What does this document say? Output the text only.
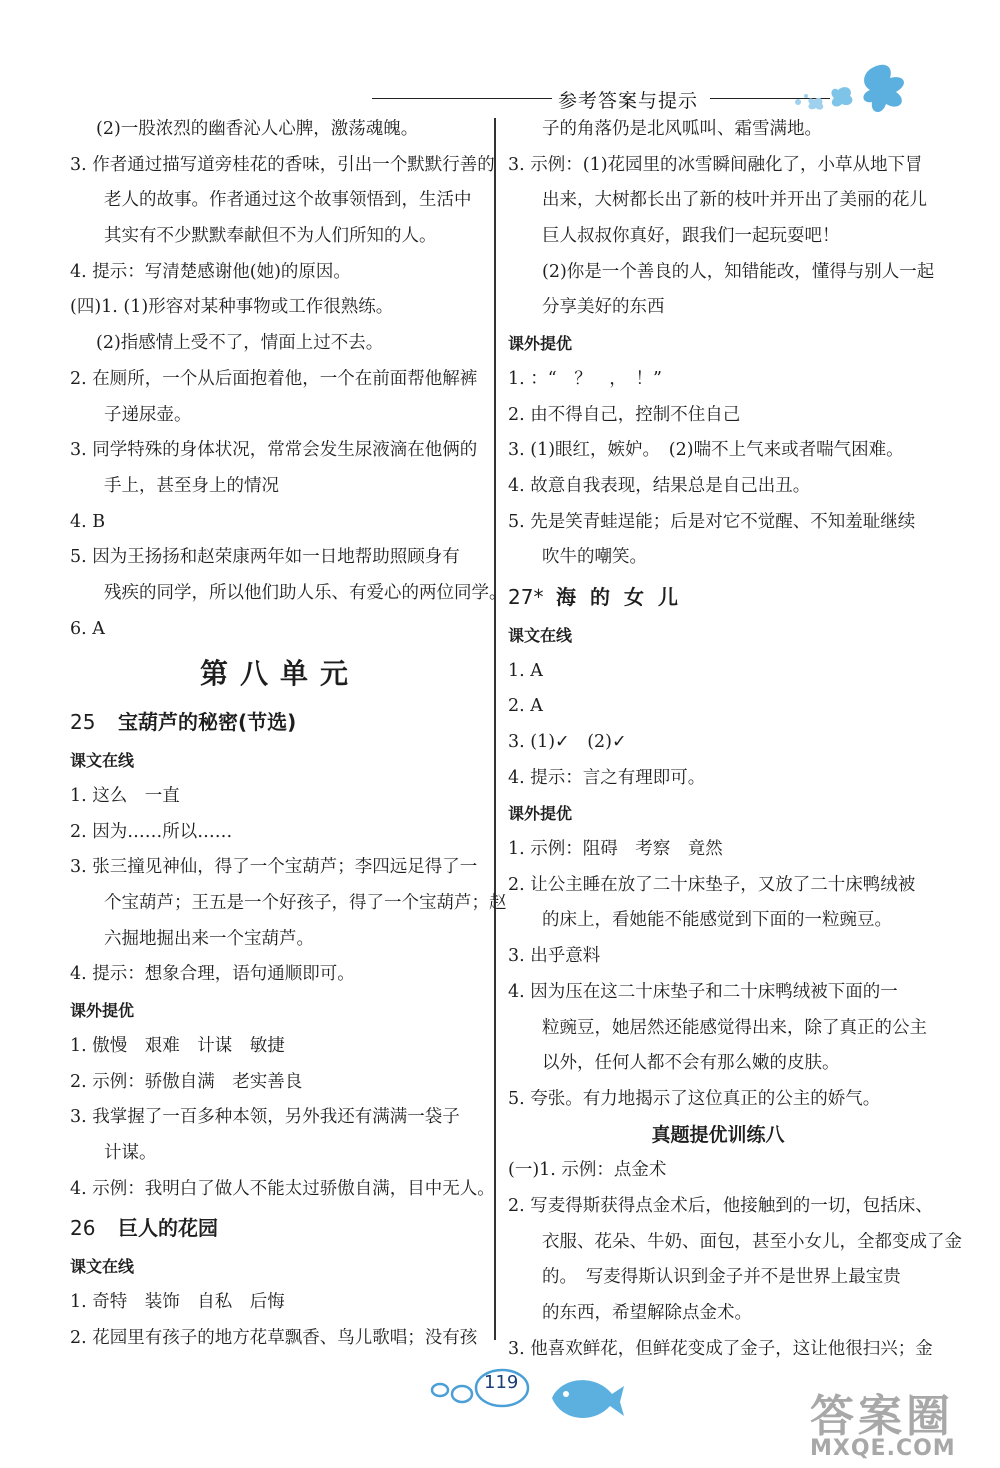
参考答案与提示
(2)一股浓烈的幽香沁人心脾，激荡魂魄。
3. 作者通过描写道旁桂花的香味，引出一个默默行善的
老人的故事。作者通过这个故事领悟到，生活中
其实有不少默默奉献但不为人们所知的人。
4. 提示：写清楚感谢他(她)的原因。
(四)1. (1)形容对某种事物或工作很熟练。
(2)指感情上受不了，情面上过不去。
2. 在厕所，一个从后面抱着他，一个在前面帮他解裤
子递尿壶。
3. 同学特殊的身体状况，常常会发生尿液滴在他俩的
手上，甚至身上的情况
4. B
5. 因为王扬扬和赵荣康两年如一日地帮助照顾身有
残疾的同学，所以他们助人乐、有爱心的两位同学。
6. A
第八单元
25 宝葫芦的秘密(节选)
课文在线
1. 这么　一直
2. 因为……所以……
3. 张三撞见神仙，得了一个宝葫芦；李四远足得了一
个宝葫芦；王五是一个好孩子，得了一个宝葫芦；赵
六掘地掘出来一个宝葫芦。
4. 提示：想象合理，语句通顺即可。
课外提优
1. 傲慢　艰难　计谋　敏捷
2. 示例：骄傲自满　老实善良
3. 我掌握了一百多种本领，另外我还有满满一袋子
计谋。
4. 示例：我明白了做人不能太过骄傲自满，目中无人。
26 巨人的花园
课文在线
1. 奇特　装饰　自私　后悔
2. 花园里有孩子的地方花草飘香、鸟儿歌唱；没有孩
子的角落仍是北风呱叫、霜雪满地。
3. 示例：(1)花园里的冰雪瞬间融化了，小草从地下冒
出来，大树都长出了新的枝叶并开出了美丽的花儿
巨人叔叔你真好，跟我们一起玩耍吧！
(2)你是一个善良的人，知错能改，懂得与别人一起
分享美好的东西
课外提优
1. ：“　？　，　！”
2. 由不得自己，控制不住自己
3. (1)眼红，嫉妒。　(2)喘不上气来或者喘气困难。
4. 故意自我表现，结果总是自己出丑。
5. 先是笑青蛙逞能；后是对它不觉醒、不知羞耻继续
吹牛的嘲笑。
27* 海的女儿
课文在线
1. A
2. A
3. (1)✓　(2)✓
4. 提示：言之有理即可。
课外提优
1. 示例：阻碍　考察　竟然
2. 让公主睡在放了二十床垫子，又放了二十床鸭绒被
的床上，看她能不能感觉到下面的一粒豌豆。
3. 出乎意料
4. 因为压在这二十床垫子和二十床鸭绒被下面的一
粒豌豆，她居然还能感觉得出来，除了真正的公主
以外，任何人都不会有那么嫩的皮肤。
5. 夸张。有力地揭示了这位真正的公主的娇气。
真题提优训练八
(一)1. 示例：点金术
2. 写麦得斯获得点金术后，他接触到的一切，包括床、
衣服、花朵、牛奶、面包，甚至小女儿，全都变成了金
的。　写麦得斯认识到金子并不是世界上最宝贵
的东西，希望解除点金术。
3. 他喜欢鲜花，但鲜花变成了金子，这让他很扫兴；金
119
答案圈
MXQE.COM
